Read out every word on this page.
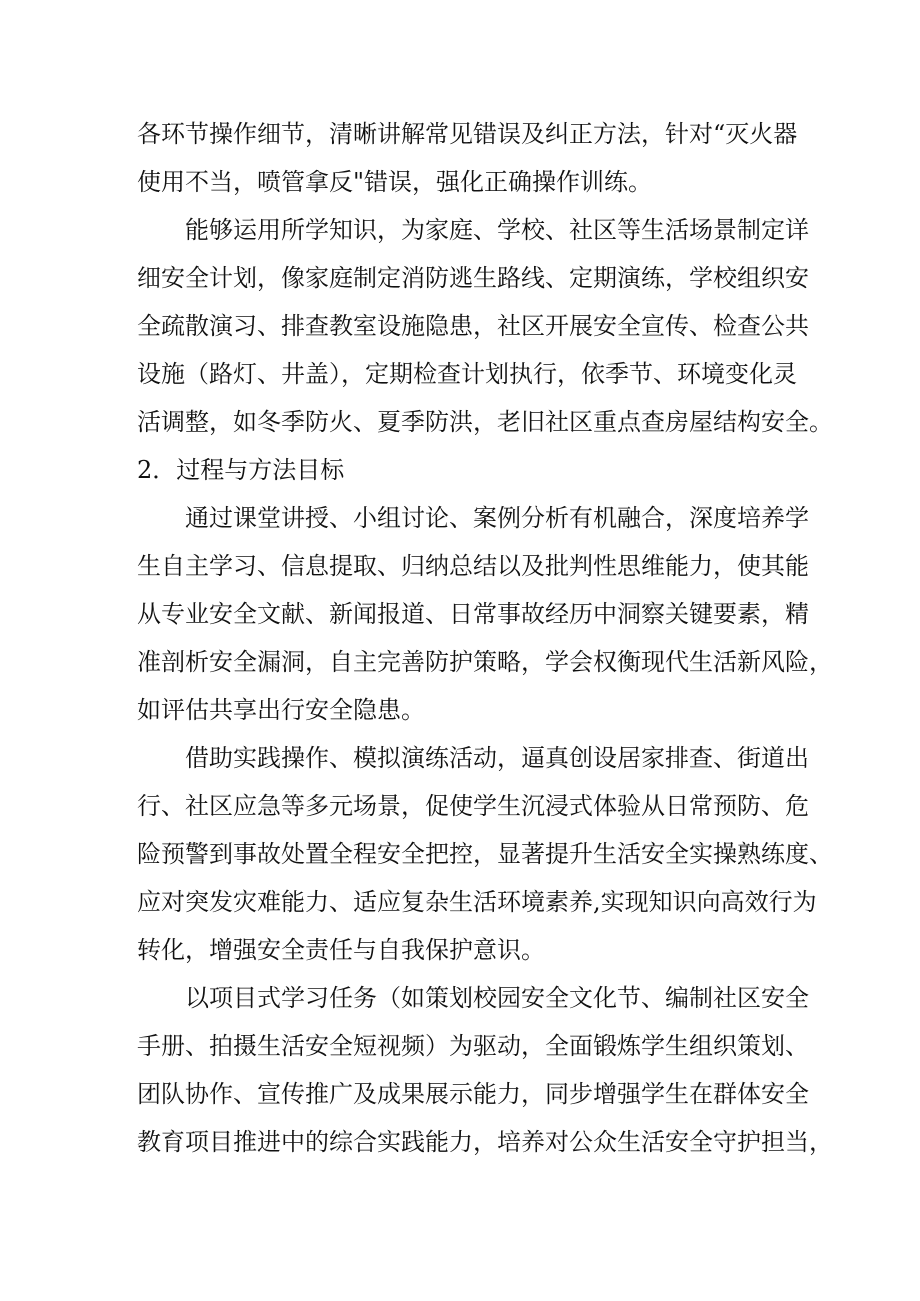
各环节操作细节，清晰讲解常见错误及纠正方法，针对“灭火器
使用不当，喷管拿反"错误，强化正确操作训练。
能够运用所学知识，为家庭、学校、社区等生活场景制定详
细安全计划，像家庭制定消防逃生路线、定期演练，学校组织安
全疏散演习、排查教室设施隐患，社区开展安全宣传、检查公共
设施（路灯、井盖），定期检查计划执行，依季节、环境变化灵
活调整，如冬季防火、夏季防洪，老旧社区重点查房屋结构安全。
2．过程与方法目标
通过课堂讲授、小组讨论、案例分析有机融合，深度培养学
生自主学习、信息提取、归纳总结以及批判性思维能力，使其能
从专业安全文献、新闻报道、日常事故经历中洞察关键要素，精
准剖析安全漏洞，自主完善防护策略，学会权衡现代生活新风险，
如评估共享出行安全隐患。
借助实践操作、模拟演练活动，逼真创设居家排查、街道出
行、社区应急等多元场景，促使学生沉浸式体验从日常预防、危
险预警到事故处置全程安全把控，显著提升生活安全实操熟练度、
应对突发灾难能力、适应复杂生活环境素养,实现知识向高效行为
转化，增强安全责任与自我保护意识。
以项目式学习任务（如策划校园安全文化节、编制社区安全
手册、拍摄生活安全短视频）为驱动，全面锻炼学生组织策划、
团队协作、宣传推广及成果展示能力，同步增强学生在群体安全
教育项目推进中的综合实践能力，培养对公众生活安全守护担当，
